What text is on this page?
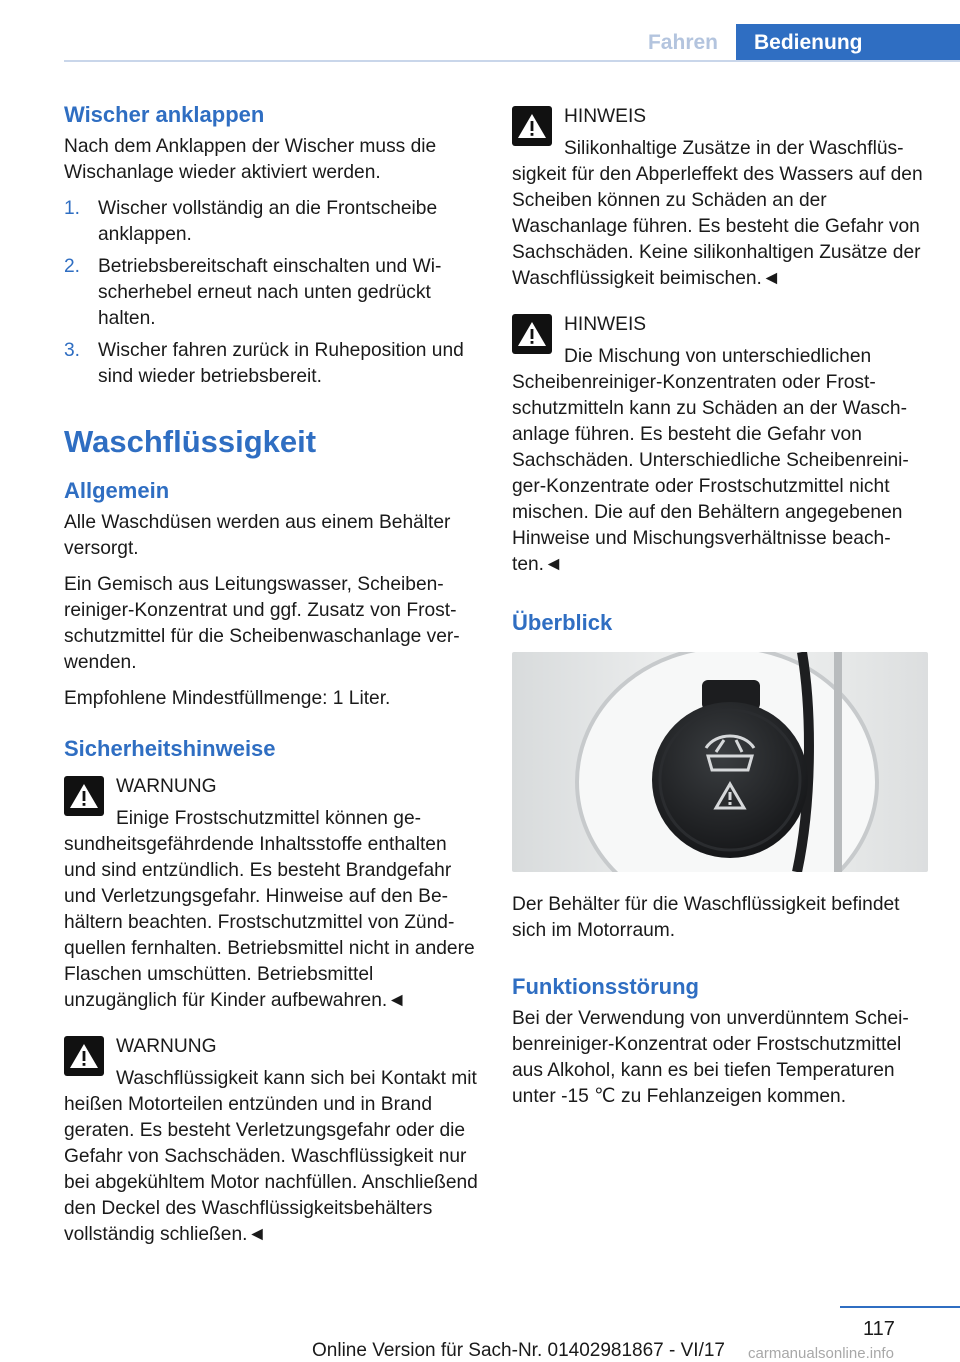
Fahren	Bedienung
Wischer anklappen

Nach dem Anklappen der Wischer muss die Wischanlage wieder aktiviert werden.

1. Wischer vollständig an die Frontscheibe anklappen.
2. Betriebsbereitschaft einschalten und Wischerhebel erneut nach unten gedrückt halten.
3. Wischer fahren zurück in Ruheposition und sind wieder betriebsbereit.
Waschflüssigkeit
Allgemein

Alle Waschdüsen werden aus einem Behälter versorgt.

Ein Gemisch aus Leitungswasser, Scheibenreiniger-Konzentrat und ggf. Zusatz von Frostschutzmittel für die Scheibenwaschanlage verwenden.

Empfohlene Mindestfüllmenge: 1 Liter.

Sicherheitshinweise
WARNUNG
Einige Frostschutzmittel können gesundheitsgefährdende Inhaltsstoffe enthalten und sind entzündlich. Es besteht Brandgefahr und Verletzungsgefahr. Hinweise auf den Behältern beachten. Frostschutzmittel von Zündquellen fernhalten. Betriebsmittel nicht in andere Flaschen umschütten. Betriebsmittel unzugänglich für Kinder aufbewahren.◄
WARNUNG
Waschflüssigkeit kann sich bei Kontakt mit heißen Motorteilen entzünden und in Brand geraten. Es besteht Verletzungsgefahr oder die Gefahr von Sachschäden. Waschflüssigkeit nur bei abgekühltem Motor nachfüllen. Anschließend den Deckel des Waschflüssigkeitsbehälters vollständig schließen.◄
HINWEIS
Silikonhaltige Zusätze in der Waschflüssigkeit für den Abperleffekt des Wassers auf den Scheiben können zu Schäden an der Waschanlage führen. Es besteht die Gefahr von Sachschäden. Keine silikonhaltigen Zusätze der Waschflüssigkeit beimischen.◄
HINWEIS
Die Mischung von unterschiedlichen Scheibenreiniger-Konzentraten oder Frostschutzmitteln kann zu Schäden an der Waschanlage führen. Es besteht die Gefahr von Sachschäden. Unterschiedliche Scheibenreiniger-Konzentrate oder Frostschutzmittel nicht mischen. Die auf den Behältern angegebenen Hinweise und Mischungsverhältnisse beachten.◄
Überblick

Der Behälter für die Waschflüssigkeit befindet sich im Motorraum.

Funktionsstörung

Bei der Verwendung von unverdünntem Scheibenreiniger-Konzentrat oder Frostschutzmittel aus Alkohol, kann es bei tiefen Temperaturen unter -15 ℃ zu Fehlanzeigen kommen.

117
Online Version für Sach-Nr. 01402981867 - VI/17 carmanualsonline.info
